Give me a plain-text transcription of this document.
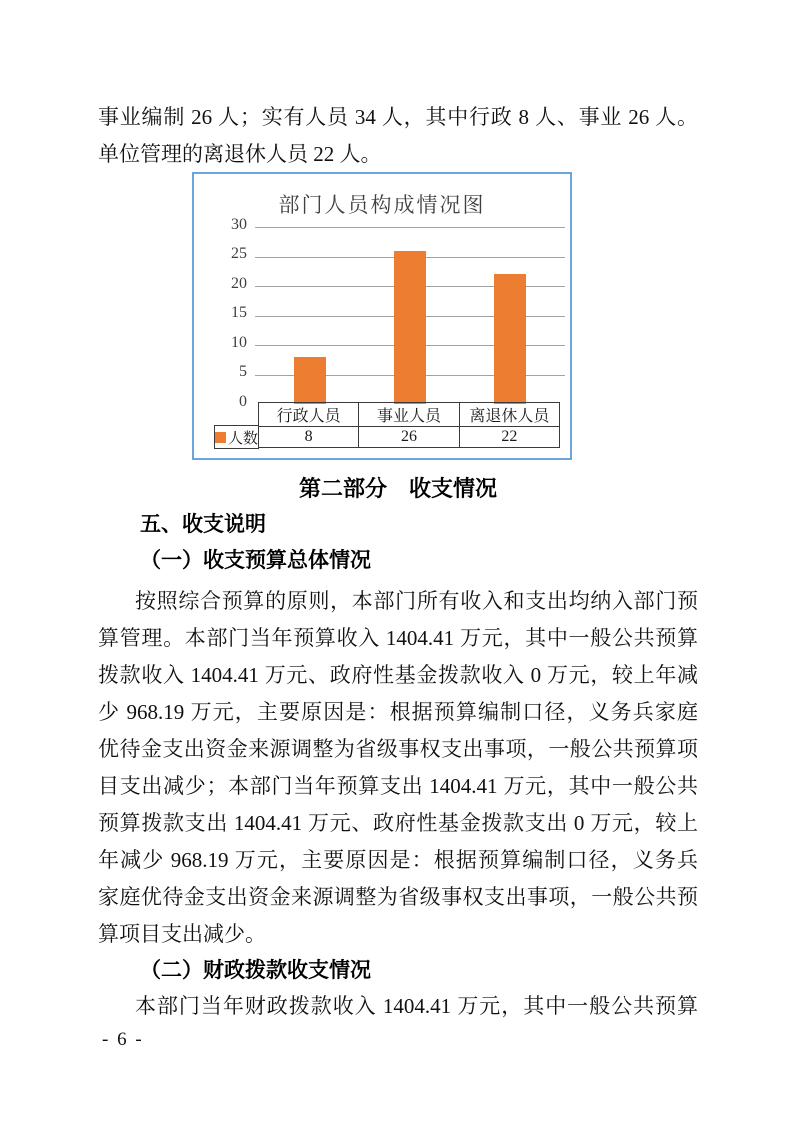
事业编制 26 人；实有人员 34 人，其中行政 8 人、事业 26 人。
单位管理的离退休人员 22 人。
部门人员构成情况图
30
25
20
15
10
5
0
行政人员	事业人员	离退休人员
8	26	22
人数
第二部分　收支情况
五、收支说明
（一）收支预算总体情况
按照综合预算的原则，本部门所有收入和支出均纳入部门预
算管理。本部门当年预算收入 1404.41 万元，其中一般公共预算
拨款收入 1404.41 万元、政府性基金拨款收入 0 万元，较上年减
少 968.19 万元，主要原因是：根据预算编制口径，义务兵家庭
优待金支出资金来源调整为省级事权支出事项，一般公共预算项
目支出减少；本部门当年预算支出 1404.41 万元，其中一般公共
预算拨款支出 1404.41 万元、政府性基金拨款支出 0 万元，较上
年减少 968.19 万元，主要原因是：根据预算编制口径，义务兵
家庭优待金支出资金来源调整为省级事权支出事项，一般公共预
算项目支出减少。
（二）财政拨款收支情况
本部门当年财政拨款收入 1404.41 万元，其中一般公共预算
- 6 -
